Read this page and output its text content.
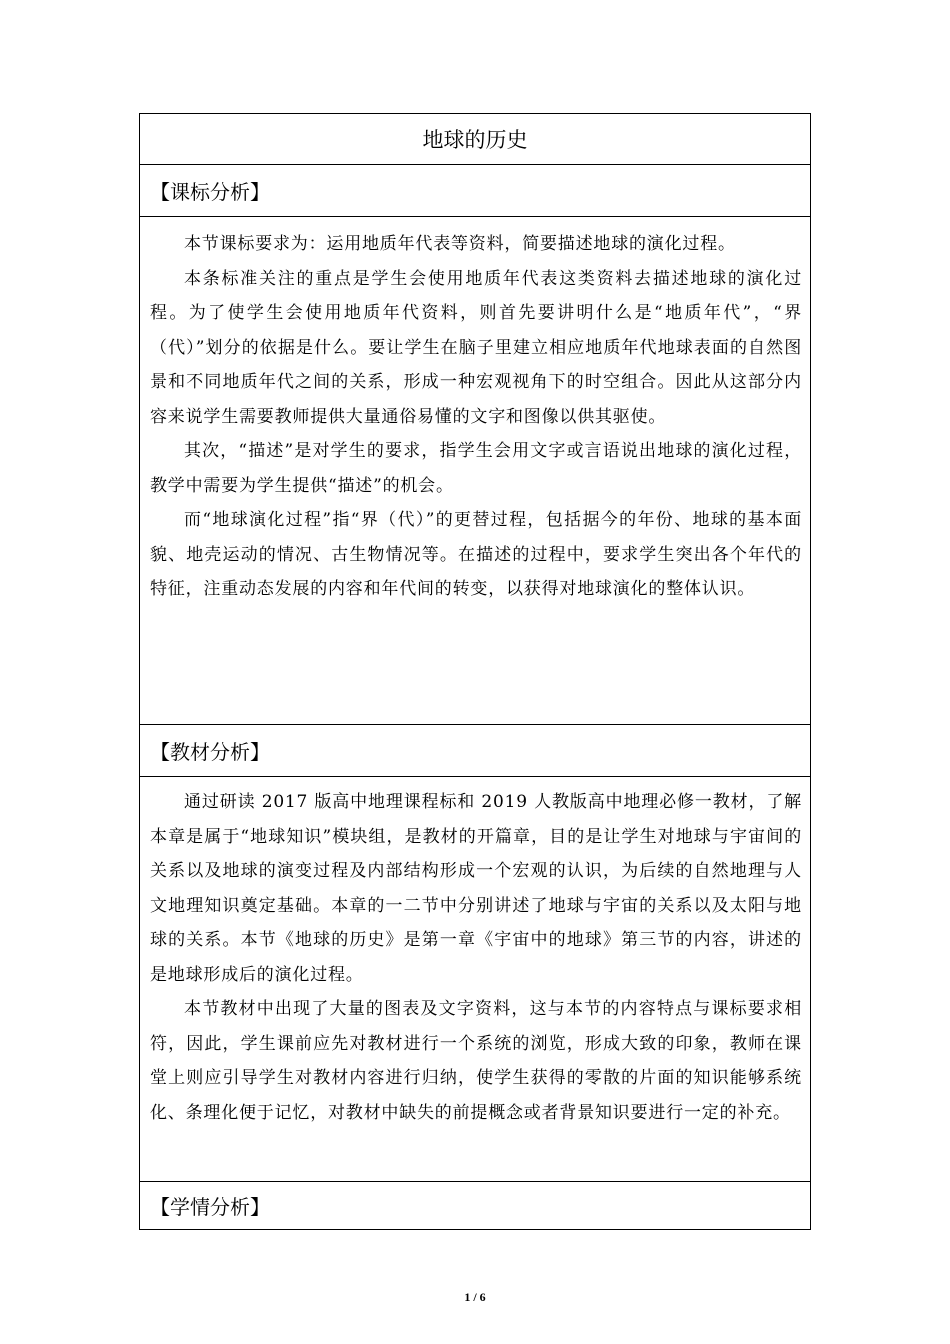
地球的历史
【课标分析】

本节课标要求为：运用地质年代表等资料，简要描述地球的演化过程。

本条标准关注的重点是学生会使用地质年代表这类资料去描述地球的演化过程。为了使学生会使用地质年代资料，则首先要讲明什么是“地质年代”，“界（代）”划分的依据是什么。要让学生在脑子里建立相应地质年代地球表面的自然图景和不同地质年代之间的关系，形成一种宏观视角下的时空组合。因此从这部分内容来说学生需要教师提供大量通俗易懂的文字和图像以供其驱使。

其次，“描述”是对学生的要求，指学生会用文字或言语说出地球的演化过程，教学中需要为学生提供“描述”的机会。

而“地球演化过程”指“界（代）”的更替过程，包括据今的年份、地球的基本面貌、地壳运动的情况、古生物情况等。在描述的过程中，要求学生突出各个年代的特征，注重动态发展的内容和年代间的转变，以获得对地球演化的整体认识。

【教材分析】

通过研读 2017 版高中地理课程标和 2019 人教版高中地理必修一教材，了解本章是属于“地球知识”模块组，是教材的开篇章，目的是让学生对地球与宇宙间的关系以及地球的演变过程及内部结构形成一个宏观的认识，为后续的自然地理与人文地理知识奠定基础。本章的一二节中分别讲述了地球与宇宙的关系以及太阳与地球的关系。本节《地球的历史》是第一章《宇宙中的地球》第三节的内容，讲述的是地球形成后的演化过程。

本节教材中出现了大量的图表及文字资料，这与本节的内容特点与课标要求相符，因此，学生课前应先对教材进行一个系统的浏览，形成大致的印象，教师在课堂上则应引导学生对教材内容进行归纳，使学生获得的零散的片面的知识能够系统化、条理化便于记忆，对教材中缺失的前提概念或者背景知识要进行一定的补充。

【学情分析】
1 / 6
